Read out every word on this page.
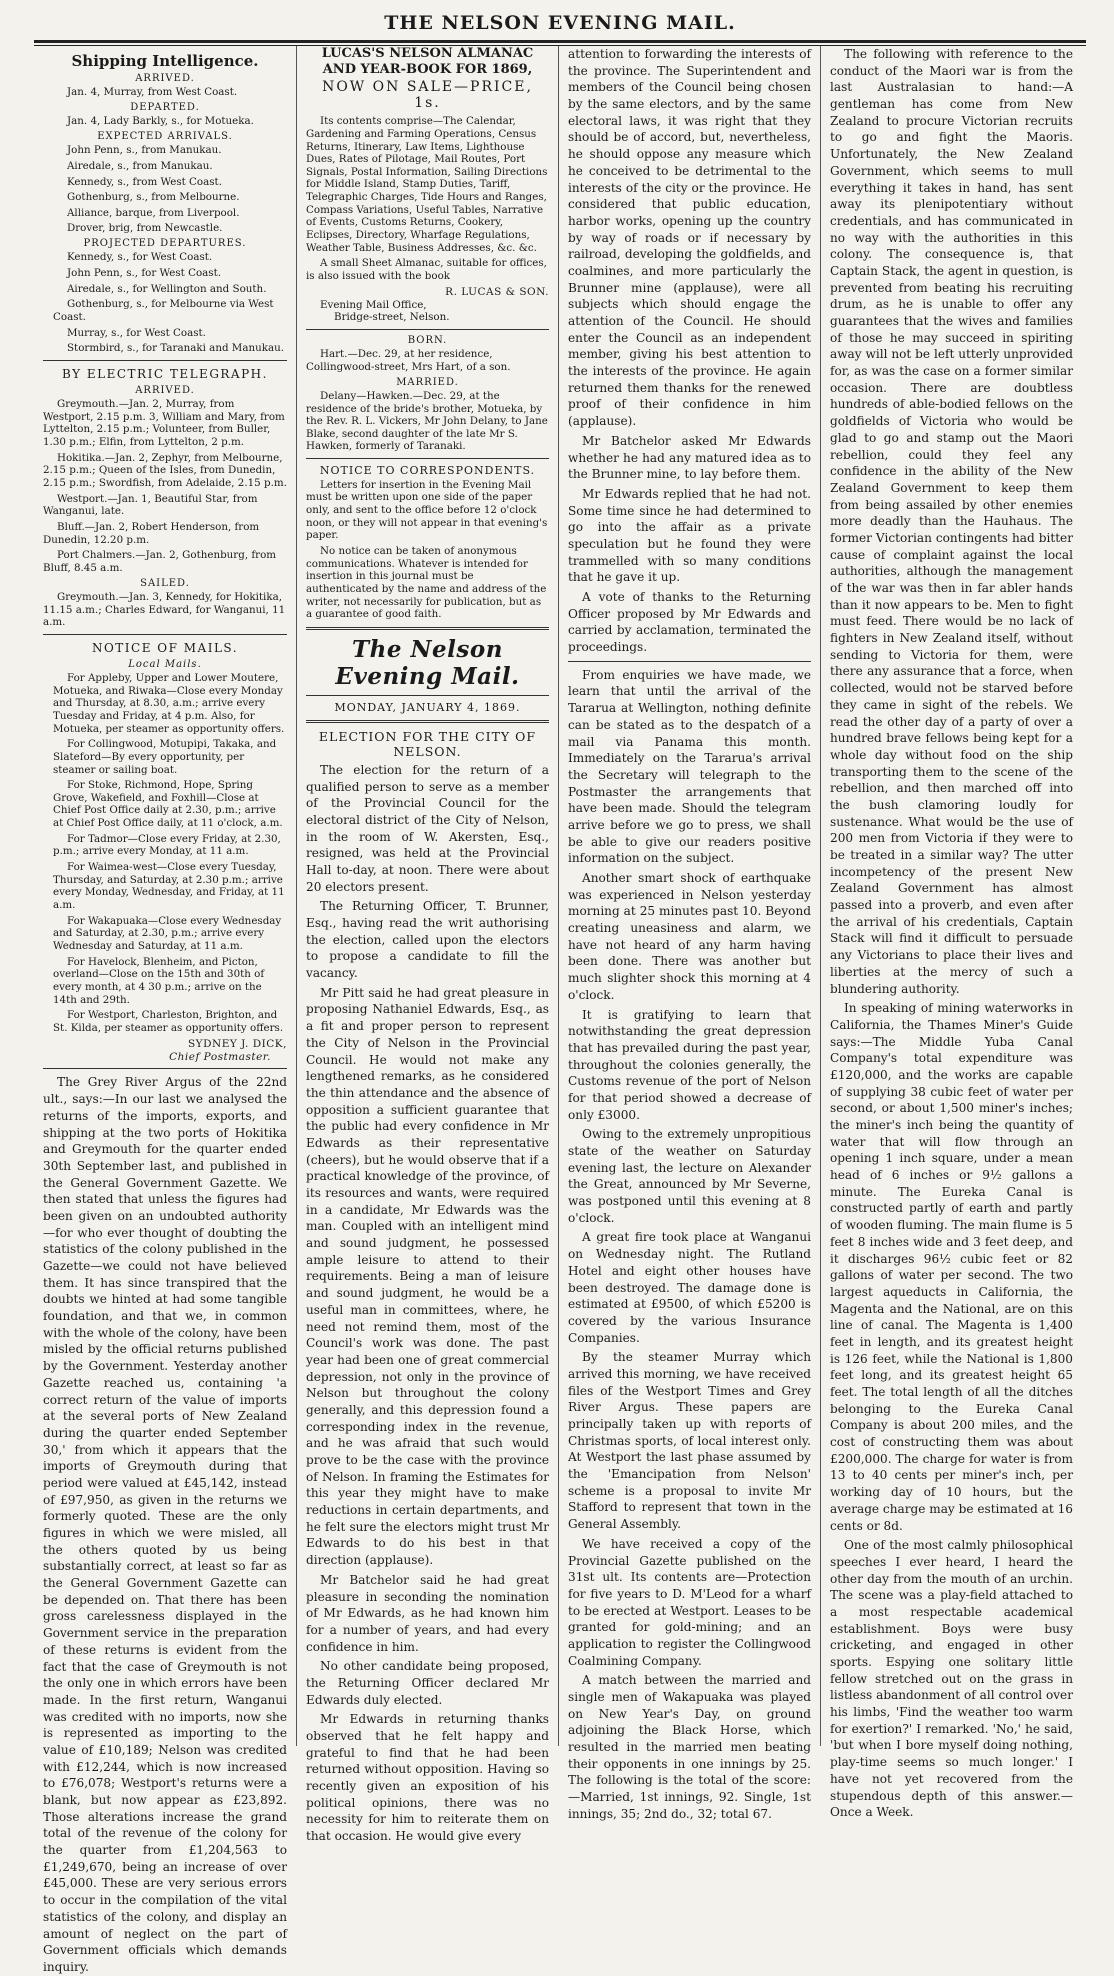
THE NELSON EVENING MAIL.
Shipping Intelligence.
ARRIVED.

Jan. 4, Murray, from West Coast.

DEPARTED.

Jan. 4, Lady Barkly, s., for Motueka.

EXPECTED ARRIVALS.

John Penn, s., from Manukau.

Airedale, s., from Manukau.

Kennedy, s., from West Coast.

Gothenburg, s., from Melbourne.

Alliance, barque, from Liverpool.

Drover, brig, from Newcastle.

PROJECTED DEPARTURES.

Kennedy, s., for West Coast.

John Penn, s., for West Coast.

Airedale, s., for Wellington and South.

Gothenburg, s., for Melbourne via West Coast.

Murray, s., for West Coast.

Stormbird, s., for Taranaki and Manukau.

BY ELECTRIC TELEGRAPH.
ARRIVED.

Greymouth.—Jan. 2, Murray, from Westport, 2.15 p.m. 3, William and Mary, from Lyttelton, 2.15 p.m.; Volunteer, from Buller, 1.30 p.m.; Elfin, from Lyttelton, 2 p.m.

Hokitika.—Jan. 2, Zephyr, from Melbourne, 2.15 p.m.; Queen of the Isles, from Dunedin, 2.15 p.m.; Swordfish, from Adelaide, 2.15 p.m.

Westport.—Jan. 1, Beautiful Star, from Wanganui, late.

Bluff.—Jan. 2, Robert Henderson, from Dunedin, 12.20 p.m.

Port Chalmers.—Jan. 2, Gothenburg, from Bluff, 8.45 a.m.

SAILED.

Greymouth.—Jan. 3, Kennedy, for Hokitika, 11.15 a.m.; Charles Edward, for Wanganui, 11 a.m.

NOTICE OF MAILS.
Local Mails.

For Appleby, Upper and Lower Moutere, Motueka, and Riwaka—Close every Monday and Thursday, at 8.30, a.m.; arrive every Tuesday and Friday, at 4 p.m. Also, for Motueka, per steamer as opportunity offers.

For Collingwood, Motupipi, Takaka, and Slateford—By every opportunity, per steamer or sailing boat.

For Stoke, Richmond, Hope, Spring Grove, Wakefield, and Foxhill—Close at Chief Post Office daily at 2.30, p.m.; arrive at Chief Post Office daily, at 11 o'clock, a.m.

For Tadmor—Close every Friday, at 2.30, p.m.; arrive every Monday, at 11 a.m.

For Waimea-west—Close every Tuesday, Thursday, and Saturday, at 2.30 p.m.; arrive every Monday, Wednesday, and Friday, at 11 a.m.

For Wakapuaka—Close every Wednesday and Saturday, at 2.30, p.m.; arrive every Wednesday and Saturday, at 11 a.m.

For Havelock, Blenheim, and Picton, overland—Close on the 15th and 30th of every month, at 4 30 p.m.; arrive on the 14th and 29th.

For Westport, Charleston, Brighton, and St. Kilda, per steamer as opportunity offers.

SYDNEY J. DICK,
Chief Postmaster.

The Grey River Argus of the 22nd ult., says:—In our last we analysed the returns of the imports, exports, and shipping at the two ports of Hokitika and Greymouth for the quarter ended 30th September last, and published in the General Government Gazette. We then stated that unless the figures had been given on an undoubted authority—for who ever thought of doubting the statistics of the colony published in the Gazette—we could not have believed them. It has since transpired that the doubts we hinted at had some tangible foundation, and that we, in common with the whole of the colony, have been misled by the official returns published by the Government. Yesterday another Gazette reached us, containing 'a correct return of the value of imports at the several ports of New Zealand during the quarter ended September 30,' from which it appears that the imports of Greymouth during that period were valued at £45,142, instead of £97,950, as given in the returns we formerly quoted. These are the only figures in which we were misled, all the others quoted by us being substantially correct, at least so far as the General Government Gazette can be depended on. That there has been gross carelessness displayed in the Government service in the preparation of these returns is evident from the fact that the case of Greymouth is not the only one in which errors have been made. In the first return, Wanganui was credited with no imports, now she is represented as importing to the value of £10,189; Nelson was credited with £12,244, which is now increased to £76,078; Westport's returns were a blank, but now appear as £23,892. Those alterations increase the grand total of the revenue of the colony for the quarter from £1,204,563 to £1,249,670, being an increase of over £45,000. These are very serious errors to occur in the compilation of the vital statistics of the colony, and display an amount of neglect on the part of Government officials which demands inquiry.

LUCAS'S NELSON ALMANAC AND YEAR-BOOK FOR 1869,
NOW ON SALE—PRICE, 1s.

Its contents comprise—The Calendar, Gardening and Farming Operations, Census Returns, Itinerary, Law Items, Lighthouse Dues, Rates of Pilotage, Mail Routes, Port Signals, Postal Information, Sailing Directions for Middle Island, Stamp Duties, Tariff, Telegraphic Charges, Tide Hours and Ranges, Compass Variations, Useful Tables, Narrative of Events, Customs Returns, Cookery, Eclipses, Directory, Wharfage Regulations, Weather Table, Business Addresses, &c. &c.

A small Sheet Almanac, suitable for offices, is also issued with the book

R. LUCAS & SON.
Evening Mail Office,
Bridge-street, Nelson.
BORN.

Hart.—Dec. 29, at her residence, Collingwood-street, Mrs Hart, of a son.

MARRIED.

Delany—Hawken.—Dec. 29, at the residence of the bride's brother, Motueka, by the Rev. R. L. Vickers, Mr John Delany, to Jane Blake, second daughter of the late Mr S. Hawken, formerly of Taranaki.

NOTICE TO CORRESPONDENTS.

Letters for insertion in the Evening Mail must be written upon one side of the paper only, and sent to the office before 12 o'clock noon, or they will not appear in that evening's paper.

No notice can be taken of anonymous communications. Whatever is intended for insertion in this journal must be authenticated by the name and address of the writer, not necessarily for publication, but as a guarantee of good faith.

The Nelson Evening Mail.
MONDAY, JANUARY 4, 1869.
ELECTION FOR THE CITY OF NELSON.

The election for the return of a qualified person to serve as a member of the Provincial Council for the electoral district of the City of Nelson, in the room of W. Akersten, Esq., resigned, was held at the Provincial Hall to-day, at noon. There were about 20 electors present.

The Returning Officer, T. Brunner, Esq., having read the writ authorising the election, called upon the electors to propose a candidate to fill the vacancy.

Mr Pitt said he had great pleasure in proposing Nathaniel Edwards, Esq., as a fit and proper person to represent the City of Nelson in the Provincial Council. He would not make any lengthened remarks, as he considered the thin attendance and the absence of opposition a sufficient guarantee that the public had every confidence in Mr Edwards as their representative (cheers), but he would observe that if a practical knowledge of the province, of its resources and wants, were required in a candidate, Mr Edwards was the man. Coupled with an intelligent mind and sound judgment, he possessed ample leisure to attend to their requirements. Being a man of leisure and sound judgment, he would be a useful man in committees, where, he need not remind them, most of the Council's work was done. The past year had been one of great commercial depression, not only in the province of Nelson but throughout the colony generally, and this depression found a corresponding index in the revenue, and he was afraid that such would prove to be the case with the province of Nelson. In framing the Estimates for this year they might have to make reductions in certain departments, and he felt sure the electors might trust Mr Edwards to do his best in that direction (applause).

Mr Batchelor said he had great pleasure in seconding the nomination of Mr Edwards, as he had known him for a number of years, and had every confidence in him.

No other candidate being proposed, the Returning Officer declared Mr Edwards duly elected.

Mr Edwards in returning thanks observed that he felt happy and grateful to find that he had been returned without opposition. Having so recently given an exposition of his political opinions, there was no necessity for him to reiterate them on that occasion. He would give every

attention to forwarding the interests of the province. The Superintendent and members of the Council being chosen by the same electors, and by the same electoral laws, it was right that they should be of accord, but, nevertheless, he should oppose any measure which he conceived to be detrimental to the interests of the city or the province. He considered that public education, harbor works, opening up the country by way of roads or if necessary by railroad, developing the goldfields, and coalmines, and more particularly the Brunner mine (applause), were all subjects which should engage the attention of the Council. He should enter the Council as an independent member, giving his best attention to the interests of the province. He again returned them thanks for the renewed proof of their confidence in him (applause).

Mr Batchelor asked Mr Edwards whether he had any matured idea as to the Brunner mine, to lay before them.

Mr Edwards replied that he had not. Some time since he had determined to go into the affair as a private speculation but he found they were trammelled with so many conditions that he gave it up.

A vote of thanks to the Returning Officer proposed by Mr Edwards and carried by acclamation, terminated the proceedings.

From enquiries we have made, we learn that until the arrival of the Tararua at Wellington, nothing definite can be stated as to the despatch of a mail via Panama this month. Immediately on the Tararua's arrival the Secretary will telegraph to the Postmaster the arrangements that have been made. Should the telegram arrive before we go to press, we shall be able to give our readers positive information on the subject.

Another smart shock of earthquake was experienced in Nelson yesterday morning at 25 minutes past 10. Beyond creating uneasiness and alarm, we have not heard of any harm having been done. There was another but much slighter shock this morning at 4 o'clock.

It is gratifying to learn that notwithstanding the great depression that has prevailed during the past year, throughout the colonies generally, the Customs revenue of the port of Nelson for that period showed a decrease of only £3000.

Owing to the extremely unpropitious state of the weather on Saturday evening last, the lecture on Alexander the Great, announced by Mr Severne, was postponed until this evening at 8 o'clock.

A great fire took place at Wanganui on Wednesday night. The Rutland Hotel and eight other houses have been destroyed. The damage done is estimated at £9500, of which £5200 is covered by the various Insurance Companies.

By the steamer Murray which arrived this morning, we have received files of the Westport Times and Grey River Argus. These papers are principally taken up with reports of Christmas sports, of local interest only. At Westport the last phase assumed by the 'Emancipation from Nelson' scheme is a proposal to invite Mr Stafford to represent that town in the General Assembly.

We have received a copy of the Provincial Gazette published on the 31st ult. Its contents are—Protection for five years to D. M'Leod for a wharf to be erected at Westport. Leases to be granted for gold-mining; and an application to register the Collingwood Coalmining Company.

A match between the married and single men of Wakapuaka was played on New Year's Day, on ground adjoining the Black Horse, which resulted in the married men beating their opponents in one innings by 25. The following is the total of the score:—Married, 1st innings, 92. Single, 1st innings, 35; 2nd do., 32; total 67.

The following with reference to the conduct of the Maori war is from the last Australasian to hand:—A gentleman has come from New Zealand to procure Victorian recruits to go and fight the Maoris. Unfortunately, the New Zealand Government, which seems to mull everything it takes in hand, has sent away its plenipotentiary without credentials, and has communicated in no way with the authorities in this colony. The consequence is, that Captain Stack, the agent in question, is prevented from beating his recruiting drum, as he is unable to offer any guarantees that the wives and families of those he may succeed in spiriting away will not be left utterly unprovided for, as was the case on a former similar occasion. There are doubtless hundreds of able-bodied fellows on the goldfields of Victoria who would be glad to go and stamp out the Maori rebellion, could they feel any confidence in the ability of the New Zealand Government to keep them from being assailed by other enemies more deadly than the Hauhaus. The former Victorian contingents had bitter cause of complaint against the local authorities, although the management of the war was then in far abler hands than it now appears to be. Men to fight must feed. There would be no lack of fighters in New Zealand itself, without sending to Victoria for them, were there any assurance that a force, when collected, would not be starved before they came in sight of the rebels. We read the other day of a party of over a hundred brave fellows being kept for a whole day without food on the ship transporting them to the scene of the rebellion, and then marched off into the bush clamoring loudly for sustenance. What would be the use of 200 men from Victoria if they were to be treated in a similar way? The utter incompetency of the present New Zealand Government has almost passed into a proverb, and even after the arrival of his credentials, Captain Stack will find it difficult to persuade any Victorians to place their lives and liberties at the mercy of such a blundering authority.

In speaking of mining waterworks in California, the Thames Miner's Guide says:—The Middle Yuba Canal Company's total expenditure was £120,000, and the works are capable of supplying 38 cubic feet of water per second, or about 1,500 miner's inches; the miner's inch being the quantity of water that will flow through an opening 1 inch square, under a mean head of 6 inches or 9½ gallons a minute. The Eureka Canal is constructed partly of earth and partly of wooden fluming. The main flume is 5 feet 8 inches wide and 3 feet deep, and it discharges 96½ cubic feet or 82 gallons of water per second. The two largest aqueducts in California, the Magenta and the National, are on this line of canal. The Magenta is 1,400 feet in length, and its greatest height is 126 feet, while the National is 1,800 feet long, and its greatest height 65 feet. The total length of all the ditches belonging to the Eureka Canal Company is about 200 miles, and the cost of constructing them was about £200,000. The charge for water is from 13 to 40 cents per miner's inch, per working day of 10 hours, but the average charge may be estimated at 16 cents or 8d.

One of the most calmly philosophical speeches I ever heard, I heard the other day from the mouth of an urchin. The scene was a play-field attached to a most respectable academical establishment. Boys were busy cricketing, and engaged in other sports. Espying one solitary little fellow stretched out on the grass in listless abandonment of all control over his limbs, 'Find the weather too warm for exertion?' I remarked. 'No,' he said, 'but when I bore myself doing nothing, play-time seems so much longer.' I have not yet recovered from the stupendous depth of this answer.—Once a Week.
